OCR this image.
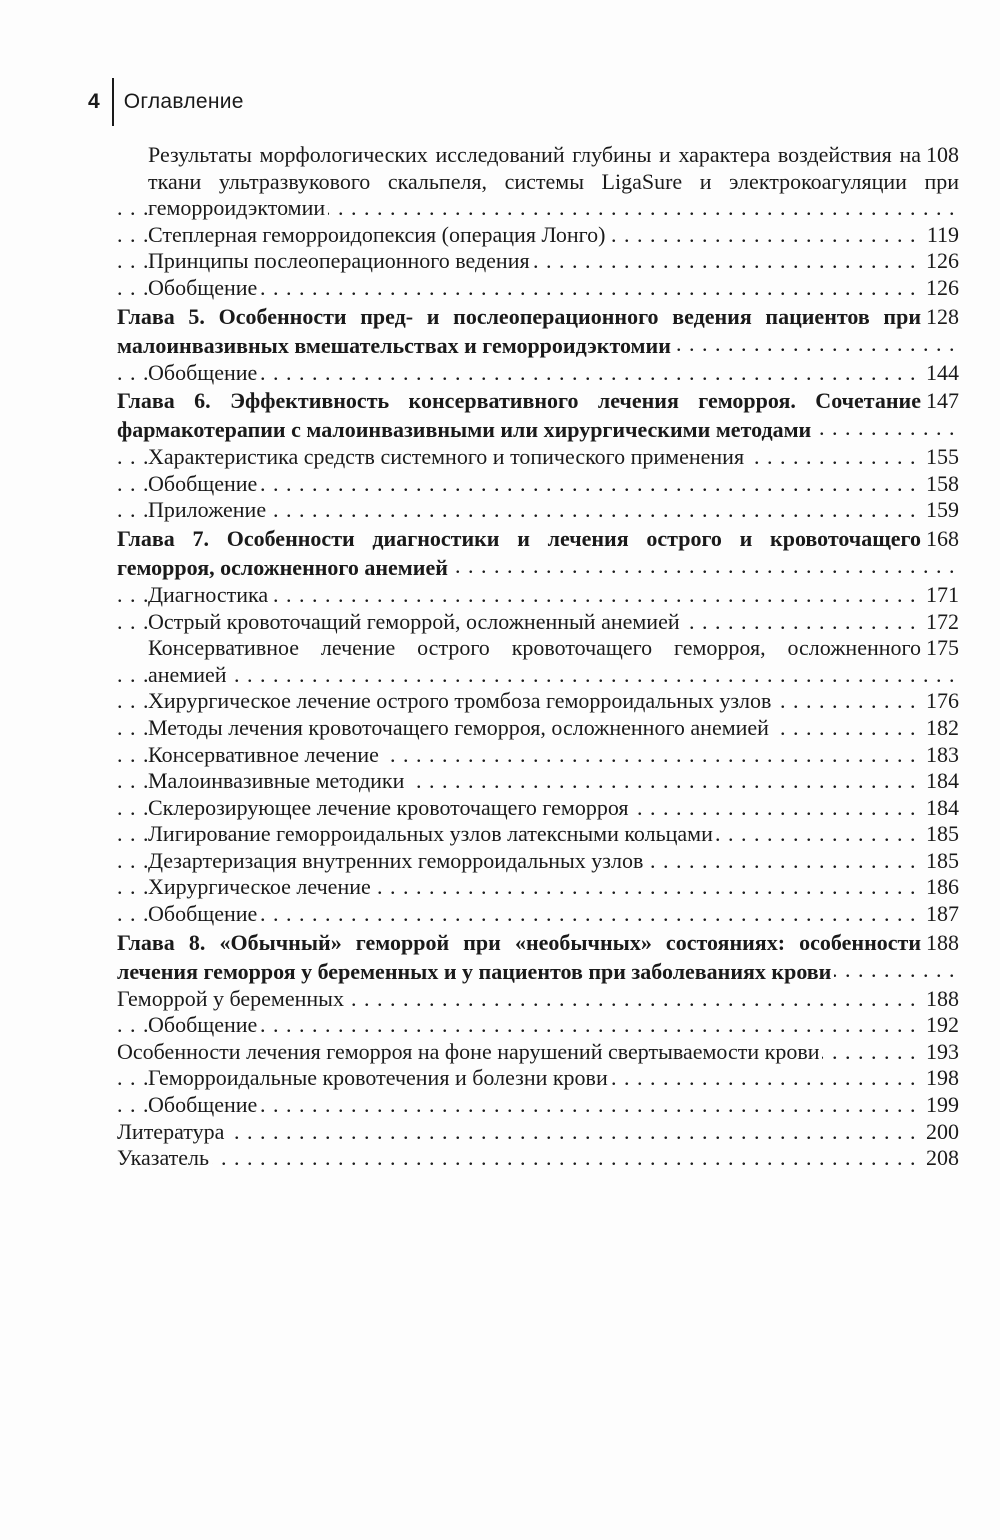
4 Оглавление
108
Результаты морфологических исследований глубины и характера воздействия на ткани ультразвукового скальпеля, системы LigaSure и электрокоагуляции при геморроидэктомии
119
Степлерная геморроидопексия (операция Лонго)
126
Принципы послеоперационного ведения
126
Обобщение
128
Глава 5. Особенности пред- и послеоперационного ведения пациентов при малоинвазивных вмешательствах и геморроидэктомии
144
Обобщение
147
Глава 6. Эффективность консервативного лечения геморроя. Сочетание фармакотерапии с малоинвазивными или хирургическими методами
155
Характеристика средств системного и топического применения
158
Обобщение
159
Приложение
168
Глава 7. Особенности диагностики и лечения острого и кровоточащего геморроя, осложненного анемией
171
Диагностика
172
Острый кровоточащий геморрой, осложненный анемией
175
Консервативное лечение острого кровоточащего геморроя, осложненного анемией
176
Хирургическое лечение острого тромбоза геморроидальных узлов
182
Методы лечения кровоточащего геморроя, осложненного анемией
183
Консервативное лечение
184
Малоинвазивные методики
184
Склерозирующее лечение кровоточащего геморроя
185
Лигирование геморроидальных узлов латексными кольцами
185
Дезартеризация внутренних геморроидальных узлов
186
Хирургическое лечение
187
Обобщение
188
Глава 8. «Обычный» геморрой при «необычных» состояниях: особенности лечения геморроя у беременных и у пациентов при заболеваниях крови
188
Геморрой у беременных
192
Обобщение
193
Особенности лечения геморроя на фоне нарушений свертываемости крови
198
Геморроидальные кровотечения и болезни крови
199
Обобщение
200
Литература
208
Указатель
